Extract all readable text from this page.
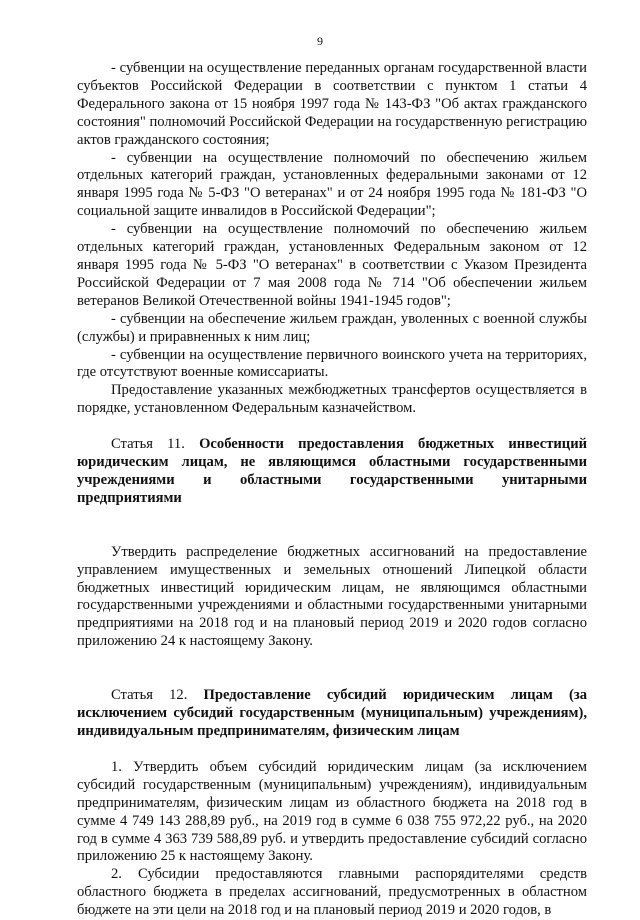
9

- субвенции на осуществление переданных органам государственной власти субъектов Российской Федерации в соответствии с пунктом 1 статьи 4 Федерального закона от 15 ноября 1997 года № 143-ФЗ "Об актах гражданского состояния" полномочий Российской Федерации на государственную регистрацию актов гражданского состояния;

- субвенции на осуществление полномочий по обеспечению жильем отдельных категорий граждан, установленных федеральными законами от 12 января 1995 года № 5-ФЗ "О ветеранах" и от 24 ноября 1995 года № 181-ФЗ "О социальной защите инвалидов в Российской Федерации";

- субвенции на осуществление полномочий по обеспечению жильем отдельных категорий граждан, установленных Федеральным законом от 12 января 1995 года № 5-ФЗ "О ветеранах" в соответствии с Указом Президента Российской Федерации от 7 мая 2008 года № 714 "Об обеспечении жильем ветеранов Великой Отечественной войны 1941-1945 годов";

- субвенции на обеспечение жильем граждан, уволенных с военной службы (службы) и приравненных к ним лиц;

- субвенции на осуществление первичного воинского учета на территориях, где отсутствуют военные комиссариаты.

Предоставление указанных межбюджетных трансфертов осуществляется в порядке, установленном Федеральным казначейством.

Статья 11. Особенности предоставления бюджетных инвестиций юридическим лицам, не являющимся областными государственными учреждениями и областными государственными унитарными предприятиями

Утвердить распределение бюджетных ассигнований на предоставление управлением имущественных и земельных отношений Липецкой области бюджетных инвестиций юридическим лицам, не являющимся областными государственными учреждениями и областными государственными унитарными предприятиями на 2018 год и на плановый период 2019 и 2020 годов согласно приложению 24 к настоящему Закону.

Статья 12. Предоставление субсидий юридическим лицам (за исключением субсидий государственным (муниципальным) учреждениям), индивидуальным предпринимателям, физическим лицам

1. Утвердить объем субсидий юридическим лицам (за исключением субсидий государственным (муниципальным) учреждениям), индивидуальным предпринимателям, физическим лицам из областного бюджета на 2018 год в сумме 4 749 143 288,89 руб., на 2019 год в сумме 6 038 755 972,22 руб., на 2020 год в сумме 4 363 739 588,89 руб. и утвердить предоставление субсидий согласно приложению 25 к настоящему Закону.

2. Субсидии предоставляются главными распорядителями средств областного бюджета в пределах ассигнований, предусмотренных в областном бюджете на эти цели на 2018 год и на плановый период 2019 и 2020 годов, в
